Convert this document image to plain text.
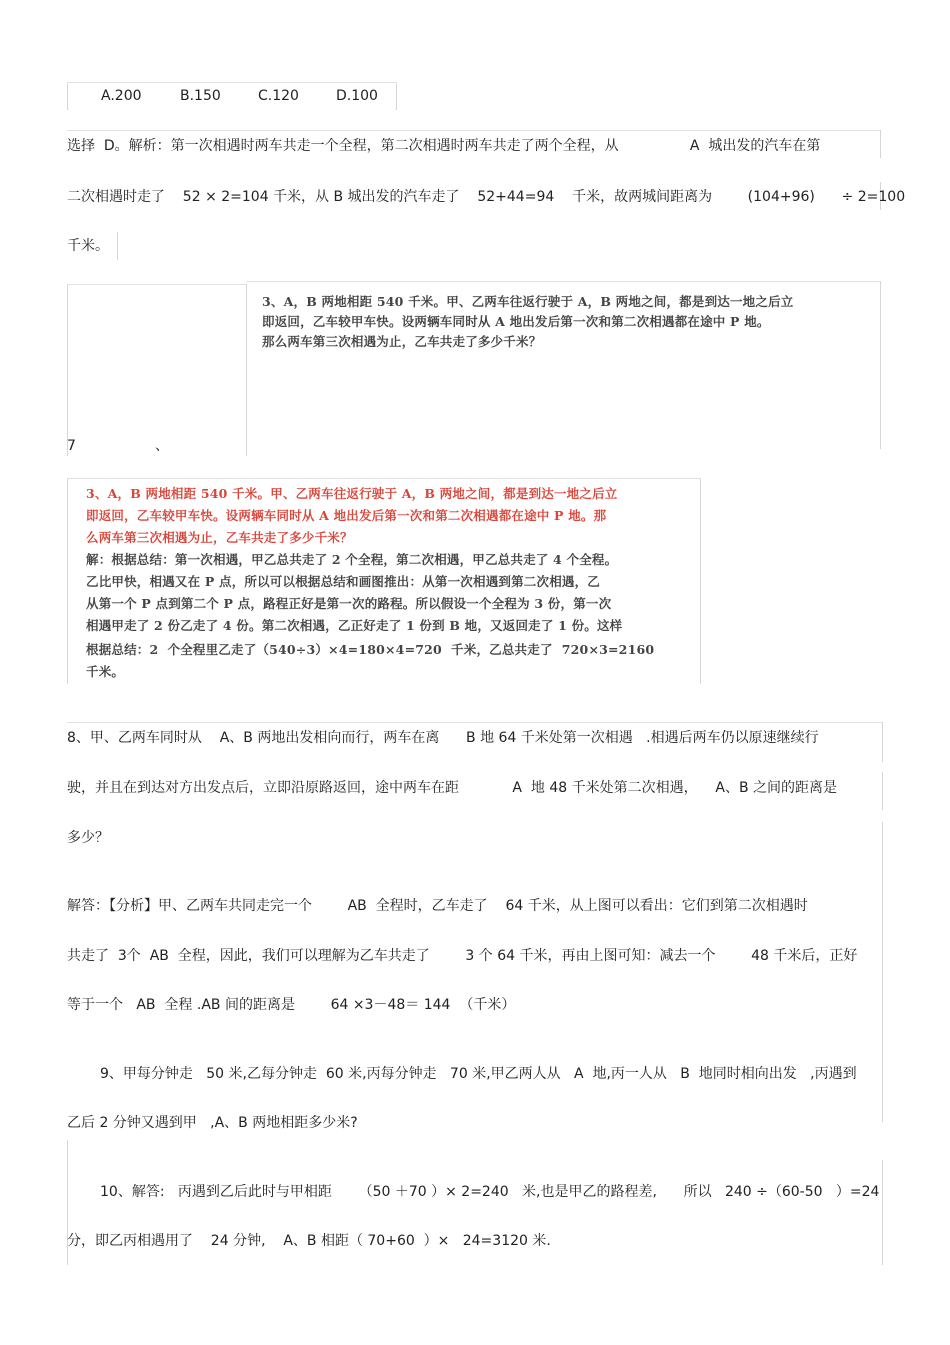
A.200	B.150	C.120	D.100
选择  D。解析：第一次相遇时两车共走一个全程，第二次相遇时两车共走了两个全程，从                A  城出发的汽车在第
二次相遇时走了    52 × 2=104 千米，从 B 城出发的汽车走了    52+44=94    千米，故两城间距离为        (104+96)      ÷ 2=100
千米。
3、A，B 两地相距 540 千米。甲、乙两车往返行驶于 A，B 两地之间，都是到达一地之后立
即返回，乙车较甲车快。设两辆车同时从 A 地出发后第一次和第二次相遇都在途中 P 地。
那么两车第三次相遇为止，乙车共走了多少千米？
7	、
3、A，B 两地相距 540 千米。甲、乙两车往返行驶于 A，B 两地之间，都是到达一地之后立
即返回，乙车较甲车快。设两辆车同时从 A 地出发后第一次和第二次相遇都在途中 P 地。那
么两车第三次相遇为止，乙车共走了多少千米？
解：根据总结：第一次相遇，甲乙总共走了 2 个全程，第二次相遇，甲乙总共走了 4 个全程。
乙比甲快，相遇又在 P 点，所以可以根据总结和画图推出：从第一次相遇到第二次相遇，乙
从第一个 P 点到第二个 P 点，路程正好是第一次的路程。所以假设一个全程为 3 份，第一次
相遇甲走了 2 份乙走了 4 份。第二次相遇，乙正好走了 1 份到 B 地，又返回走了 1 份。这样
根据总结：2  个全程里乙走了（540÷3）×4=180×4=720  千米，乙总共走了  720×3=2160
千米。
8、甲、乙两车同时从    A、B 两地出发相向而行，两车在离      B 地 64 千米处第一次相遇   .相遇后两车仍以原速继续行
驶，并且在到达对方出发点后，立即沿原路返回，途中两车在距            A  地 48 千米处第二次相遇，    A、B 之间的距离是
多少？
解答：【分析】甲、乙两车共同走完一个        AB  全程时，乙车走了    64 千米，从上图可以看出：它们到第二次相遇时
共走了  3个  AB  全程，因此，我们可以理解为乙车共走了        3 个 64 千米，再由上图可知：减去一个        48 千米后，正好
等于一个   AB  全程 .AB 间的距离是        64 ×3－48＝ 144  （千米）
9、甲每分钟走   50 米,乙每分钟走  60 米,丙每分钟走   70 米,甲乙两人从   A  地,丙一人从   B  地同时相向出发   ,丙遇到
乙后 2 分钟又遇到甲   ,A、B 两地相距多少米?
10、解答:   丙遇到乙后此时与甲相距      （50 ＋70 ）× 2=240   米,也是甲乙的路程差,      所以   240 ÷（60-50   ）=24
分，即乙丙相遇用了    24 分钟,    A、B 相距（ 70+60  ）×   24=3120 米.
